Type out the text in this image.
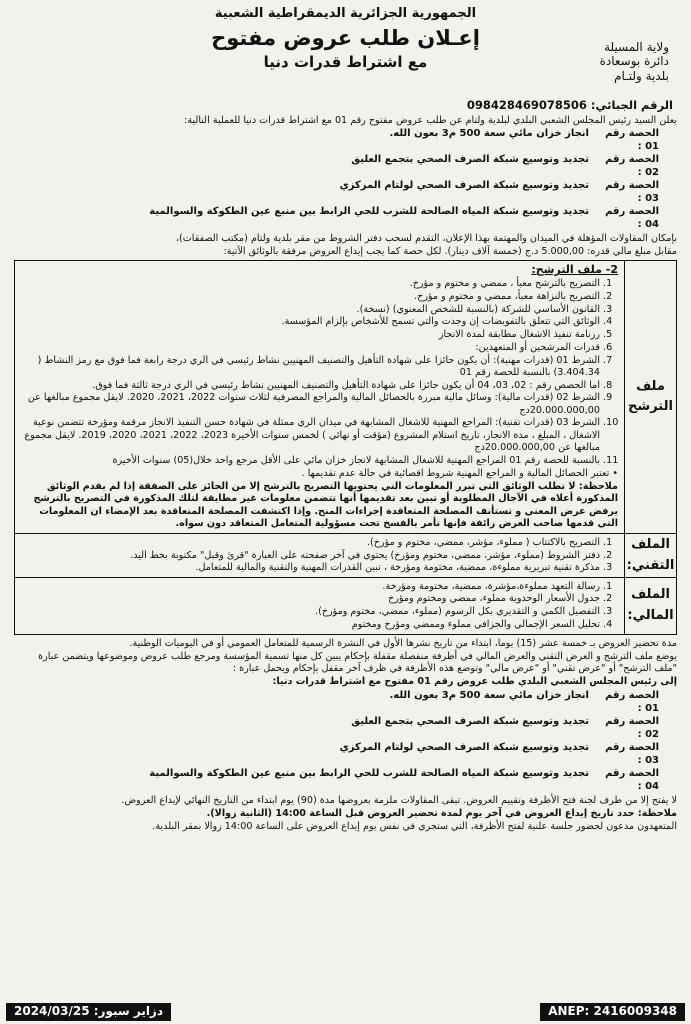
الجمهورية الجزائرية الديمقراطية الشعبية
إعـلان طلب عروض مفتوح
مع اشتراط قدرات دنيا
ولاية المسيلة
دائرة بوسعادة
بلدية ولتـام
الرقم الجبائي: 098428469078506

يعلن السيد رئيس المجلس الشعبي البلدي لبلدية ولتام عن طلب عروض مفتوح رقم 01 مع اشتراط قدرات دنيا للعملية التالية:

الحصة رقم 01 :
انجاز خزان مائي سعة 500 م3 بعون الله.
الحصة رقم 02 :
تجديد وتوسيع شبكة الصرف الصحي بتجمع العليق
الحصة رقم 03 :
تجديد وتوسيع شبكة الصرف الصحي لولتام المركزي
الحصة رقم 04 :
تجديد وتوسيع شبكة المياه الصالحة للشرب للحي الرابط بين منبع عين الطكوكة والسوالمية

بإمكان المقاولات المؤهلة في الميدان والمهتمة بهذا الإعلان، التقدم لسحب دفتر الشروط من مقر بلدية ولتام (مكتب الصفقات)،

مقابل مبلغ مالي قدره: 5.000,00 د.ج (خمسة آلاف دينار). لكل حصة كما يجب إيداع العروض مرفقة بالوثائق الآتية:

ملف الترشح
2- ملف الترشح:
1. التصريح بالترشح معبأ ، ممضي و مختوم و مؤرخ.
2. التصريح بالنزاهة معبأ، ممضي و مختوم و مؤرخ.
3. القانون الأساسي للشركة (بالنسبة للشخص المعنوي) (نسخة).
4. الوثائق التي تتعلق بالتفويضات إن وجدت والتي تسمح للأشخاص بإلزام المؤسسة.
5. رزنامة تنفيذ الاشغال مطابقة لمدة الانجاز
6. قدرات المرشحين أو المتعهدين:
7. الشرط 01 (قدرات مهنية): أن يكون حائزا على شهادة التأهيل والتصنيف المهنيين نشاط رئيسي في الري درجة رابعة فما فوق مع رمز النشاط ( 3.404.34) بالنسبة للحصة رقم 01
8. اما الحصص رقم : 02، 03، 04 أن يكون حائزا على شهادة التأهيل والتصنيف المهنيين نشاط رئيسي في الري درجة ثالثة فما فوق.
9. الشرط 02 (قدرات مالية): وسائل مالية مبررة بالحصائل المالية والمراجع المصرفية لثلاث سنوات 2022، 2021، 2020. لايقل مجموع مبالغها عن 20.000.000,00دج
10. الشرط 03 (قدرات تقنية): المراجع المهنية للاشغال المشابهة في ميدان الري ممثلة في شهادة حسن التنفيذ الانجاز مرقمة ومؤرخة تتضمن نوعية الاشغال ، المبلغ ، مدة الانجاز، تاريخ استلام المشروع (مؤقت أو نهائي ) لخمس سنوات الأخيرة 2023، 2022، 2021، 2020، 2019. لايقل مجموع مبالغها عن 20.000.000,00دج
11. بالنسبة للحصة رقم 01 المراجع المهنية للاشغال المشابهة لانجاز خزان مائي على الأقل مرجع واحد خلال(05) سنوات الأخيرة

• تعتبر الحصائل المالية و المراجع المهنية شروط اقصائية في حالة عدم تقديمها .

ملاحظة: لا تطلب الوثائق التي تبرر المعلومات التي يحتويها التصريح بالترشح إلا من الحائز على الصفقة إذا لم يقدم الوثائق المذكورة أعلاه في الآجال المطلوبة أو تبين بعد تقديمها أنها تتضمن معلومات غير مطابقة لتلك المذكورة في التصريح بالترشح يرفض عرض المعني و تستأنف المصلحة المتعاقدة إجراءات المنح. وإذا اكتشفت المصلحة المتعاقدة بعد الإمضاء ان المعلومات التي قدمها صاحب العرض زائفة فإنها تأمر بالفسخ تحت مسؤولية المتعامل المتعاقد دون سواه.

الملف التقني:
1. التصريح بالاكتتاب ( مملوء، مؤشر، ممضي، مختوم و مؤرخ).
2. دفتر الشروط (مملوء، مؤشر، ممضي، مختوم ومؤرخ) يحتوي في آخر صفحته على العبارة "قرئ وقبل" مكتوبة بخط اليد.
3. مذكرة تقنية تبريرية مملوءة، ممضية، مختومة ومؤرخة ، تبين القدرات المهنية والتقنية والمالية للمتعامل.
الملف المالي:
1. رسالة التعهد مملوءة،مؤشرة، ممضية، مختومة ومؤرخة.
2. جدول الأسعار الوحدوية مملوء، ممضي ومختوم ومؤرخ
3. التفصيل الكمي و التقديري بكل الرسوم (مملوء، ممضي، مختوم ومؤرخ).
4. تحليل السعر الإجمالي والجزافي مملوء وممضي ومؤرخ ومختوم

مدة تحضير العروض بـ خمسة عشر (15) يوما، ابتداء من تاريخ نشرها الأول في النشرة الرسمية للمتعامل العمومي أو في اليوميات الوطنية.

يوضع ملف الترشح و العرض التقني والعرض المالي في أظرفة منفصلة مقفلة بإحكام يبين كل منها تسمية المؤسسة ومرجع طلب عروض وموضوعها ويتضمن عبارة "ملف الترشح" أو "عرض تقني" أو "عرض مالي" وتوضع هذه الأظرفة في ظرف آخر مقفل بإحكام ويحمل عبارة :

إلى رئيس المجلس الشعبي البلدي طلب عروض رقم 01 مفتوح مع اشتراط قدرات دنيا:

الحصة رقم 01 :
انجاز خزان مائي سعة 500 م3 بعون الله.
الحصة رقم 02 :
تجديد وتوسيع شبكة الصرف الصحي بتجمع العليق
الحصة رقم 03 :
تجديد وتوسيع شبكة الصرف الصحي لولتام المركزي
الحصة رقم 04 :
تجديد وتوسيع شبكة المياه الصالحة للشرب للحي الرابط بين منبع عين الطكوكة والسوالمية

لا يفتح إلا من طرف لجنة فتح الأظرفة وتقييم العروض. تبقى المقاولات ملزمة بعروضها مدة (90) يوم ابتداء من التاريخ النهائي لإيداع العروض.

ملاحظة: حدد تاريخ إيداع العروض في آخر يوم لمدة تحضير العروض قبل الساعة 14:00 (الثانية زوالا).

المتعهدون مدعون لحضور جلسة علنية لفتح الأظرفة، التي ستجري في نفس يوم إيداع العروض على الساعة 14:00 زوالا بمقر البلدية.

ANEP: 2416009348
دزاير سبور: 2024/03/25
